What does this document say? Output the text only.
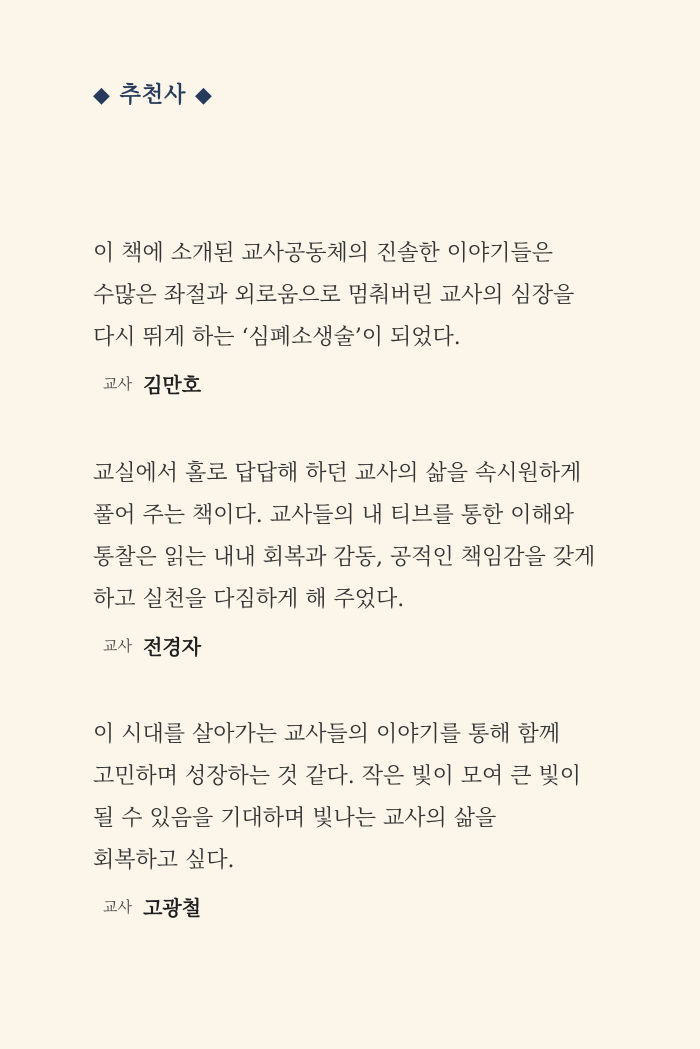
◆ 추천사 ◆

이 책에 소개된 교사공동체의 진솔한 이야기들은

수많은 좌절과 외로움으로 멈춰버린 교사의 심장을

다시 뛰게 하는 ‘심폐소생술’이 되었다.

교사 김만호

교실에서 홀로 답답해 하던 교사의 삶을 속시원하게

풀어 주는 책이다. 교사들의 내 티브를 통한 이해와

통찰은 읽는 내내 회복과 감동, 공적인 책임감을 갖게

하고 실천을 다짐하게 해 주었다.

교사 전경자

이 시대를 살아가는 교사들의 이야기를 통해 함께

고민하며 성장하는 것 같다. 작은 빛이 모여 큰 빛이

될 수 있음을 기대하며 빛나는 교사의 삶을

회복하고 싶다.

교사 고광철
